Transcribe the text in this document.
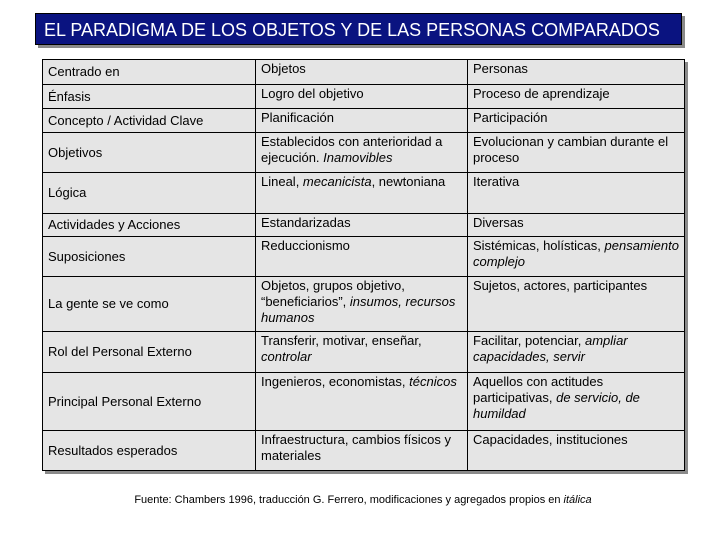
EL PARADIGMA DE LOS OBJETOS Y DE LAS PERSONAS COMPARADOS
Centrado en	Objetos	Personas
Énfasis	Logro del objetivo	Proceso de aprendizaje
Concepto / Actividad Clave	Planificación	Participación
Objetivos	Establecidos con anterioridad a ejecución. Inamovibles	Evolucionan y cambian durante el proceso
Lógica	Lineal, mecanicista, newtoniana	Iterativa
Actividades y Acciones	Estandarizadas	Diversas
Suposiciones	Reduccionismo	Sistémicas, holísticas, pensamiento complejo
La gente se ve como	Objetos, grupos objetivo, “beneficiarios”, insumos, recursos humanos	Sujetos, actores, participantes
Rol del Personal Externo	Transferir, motivar, enseñar, controlar	Facilitar, potenciar, ampliar capacidades, servir
Principal Personal Externo	Ingenieros, economistas, técnicos	Aquellos con actitudes participativas, de servicio, de humildad
Resultados esperados	Infraestructura, cambios físicos y materiales	Capacidades, instituciones
Fuente: Chambers 1996, traducción G. Ferrero, modificaciones y agregados propios en itálica
